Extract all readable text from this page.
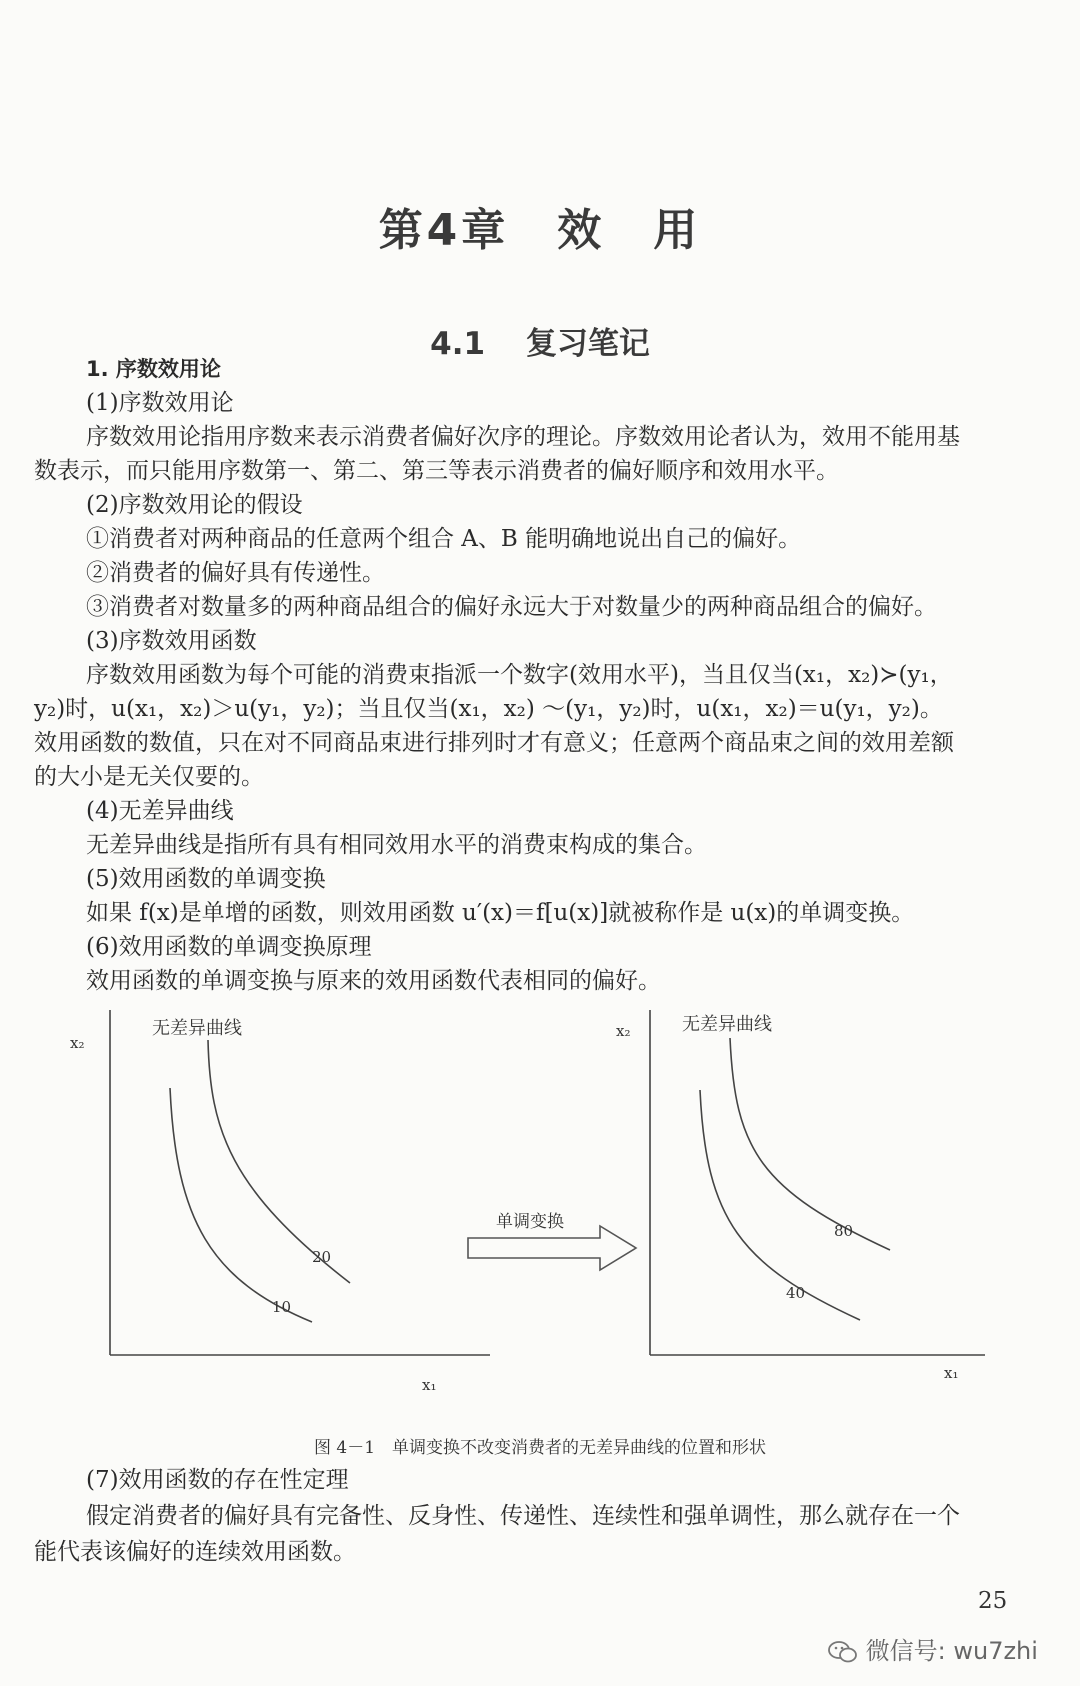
第4章　效　用
4.1 复习笔记
1. 序数效用论
(1)序数效用论
序数效用论指用序数来表示消费者偏好次序的理论。序数效用论者认为，效用不能用基
数表示，而只能用序数第一、第二、第三等表示消费者的偏好顺序和效用水平。
(2)序数效用论的假设
①消费者对两种商品的任意两个组合 A、B 能明确地说出自己的偏好。
②消费者的偏好具有传递性。
③消费者对数量多的两种商品组合的偏好永远大于对数量少的两种商品组合的偏好。
(3)序数效用函数
序数效用函数为每个可能的消费束指派一个数字(效用水平)，当且仅当(x₁，x₂)≻(y₁，
y₂)时，u(x₁，x₂)＞u(y₁，y₂)；当且仅当(x₁，x₂) ～(y₁，y₂)时，u(x₁，x₂)＝u(y₁，y₂)。
效用函数的数值，只在对不同商品束进行排列时才有意义；任意两个商品束之间的效用差额
的大小是无关仅要的。
(4)无差异曲线
无差异曲线是指所有具有相同效用水平的消费束构成的集合。
(5)效用函数的单调变换
如果 f(x)是单增的函数，则效用函数 u′(x)＝f[u(x)]就被称作是 u(x)的单调变换。
(6)效用函数的单调变换原理
效用函数的单调变换与原来的效用函数代表相同的偏好。
x₂
x₁
无差异曲线
20
10
单调变换
x₂
x₁
无差异曲线
80
40
图 4－1　单调变换不改变消费者的无差异曲线的位置和形状
(7)效用函数的存在性定理
假定消费者的偏好具有完备性、反身性、传递性、连续性和强单调性，那么就存在一个
能代表该偏好的连续效用函数。
25
微信号: wu7zhi
